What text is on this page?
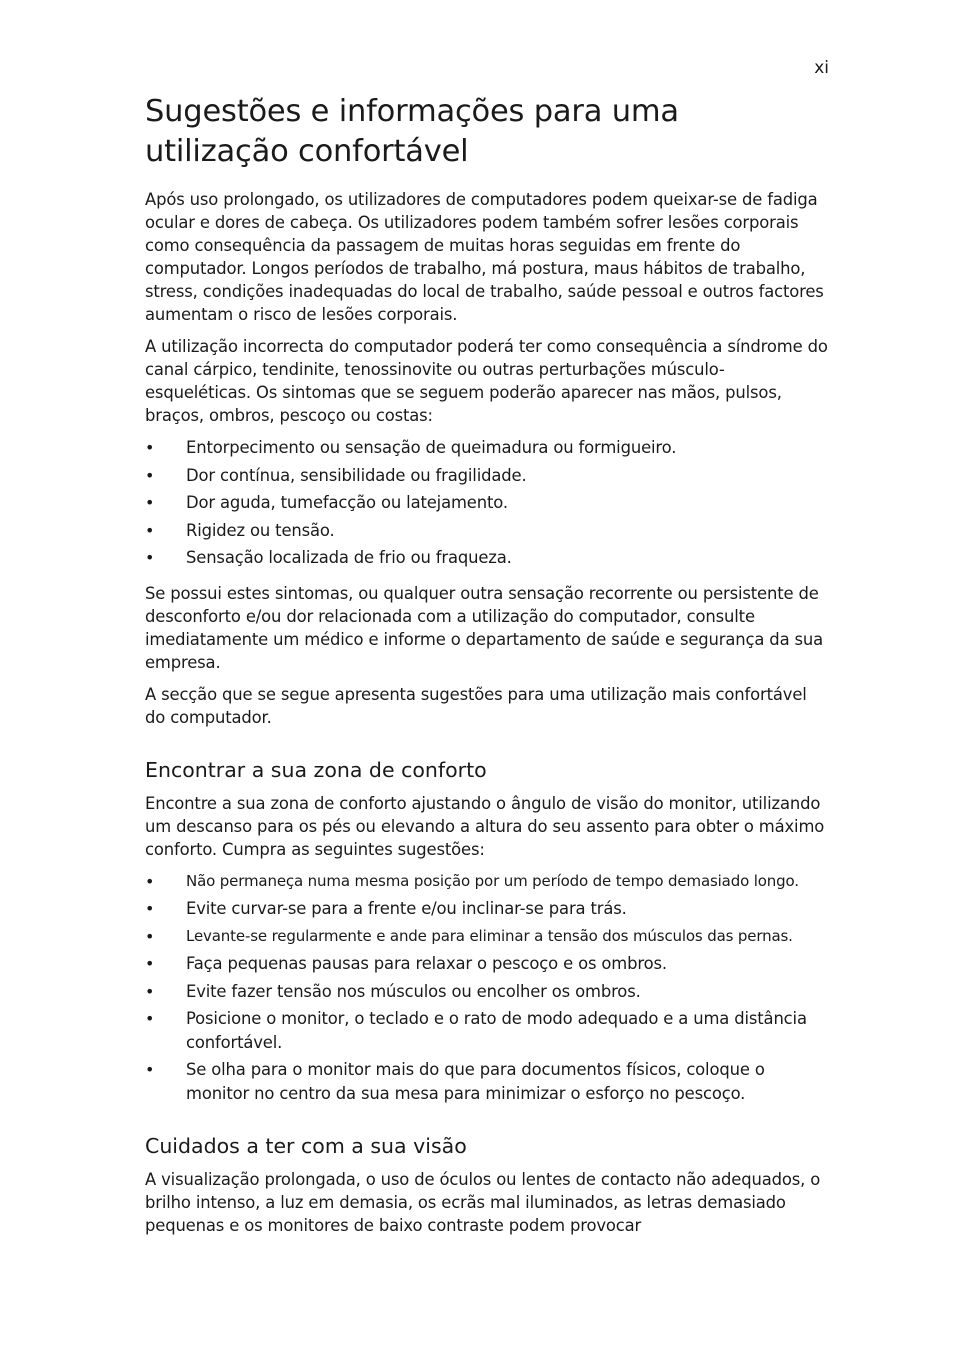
xi
Sugestões e informações para uma utilização confortável

Após uso prolongado, os utilizadores de computadores podem queixar-se de fadiga ocular e dores de cabeça. Os utilizadores podem também sofrer lesões corporais como consequência da passagem de muitas horas seguidas em frente do computador. Longos períodos de trabalho, má postura, maus hábitos de trabalho, stress, condições inadequadas do local de trabalho, saúde pessoal e outros factores aumentam o risco de lesões corporais.

A utilização incorrecta do computador poderá ter como consequência a síndrome do canal cárpico, tendinite, tenossinovite ou outras perturbações músculo-esqueléticas. Os sintomas que se seguem poderão aparecer nas mãos, pulsos, braços, ombros, pescoço ou costas:

• Entorpecimento ou sensação de queimadura ou formigueiro.
• Dor contínua, sensibilidade ou fragilidade.
• Dor aguda, tumefacção ou latejamento.
• Rigidez ou tensão.
• Sensação localizada de frio ou fraqueza.

Se possui estes sintomas, ou qualquer outra sensação recorrente ou persistente de desconforto e/ou dor relacionada com a utilização do computador, consulte imediatamente um médico e informe o departamento de saúde e segurança da sua empresa.

A secção que se segue apresenta sugestões para uma utilização mais confortável do computador.

Encontrar a sua zona de conforto

Encontre a sua zona de conforto ajustando o ângulo de visão do monitor, utilizando um descanso para os pés ou elevando a altura do seu assento para obter o máximo conforto. Cumpra as seguintes sugestões:

• Não permaneça numa mesma posição por um período de tempo demasiado longo.
• Evite curvar-se para a frente e/ou inclinar-se para trás.
• Levante-se regularmente e ande para eliminar a tensão dos músculos das pernas.
• Faça pequenas pausas para relaxar o pescoço e os ombros.
• Evite fazer tensão nos músculos ou encolher os ombros.
• Posicione o monitor, o teclado e o rato de modo adequado e a uma distância confortável.
• Se olha para o monitor mais do que para documentos físicos, coloque o monitor no centro da sua mesa para minimizar o esforço no pescoço.
Cuidados a ter com a sua visão

A visualização prolongada, o uso de óculos ou lentes de contacto não adequados, o brilho intenso, a luz em demasia, os ecrãs mal iluminados, as letras demasiado pequenas e os monitores de baixo contraste podem provocar
